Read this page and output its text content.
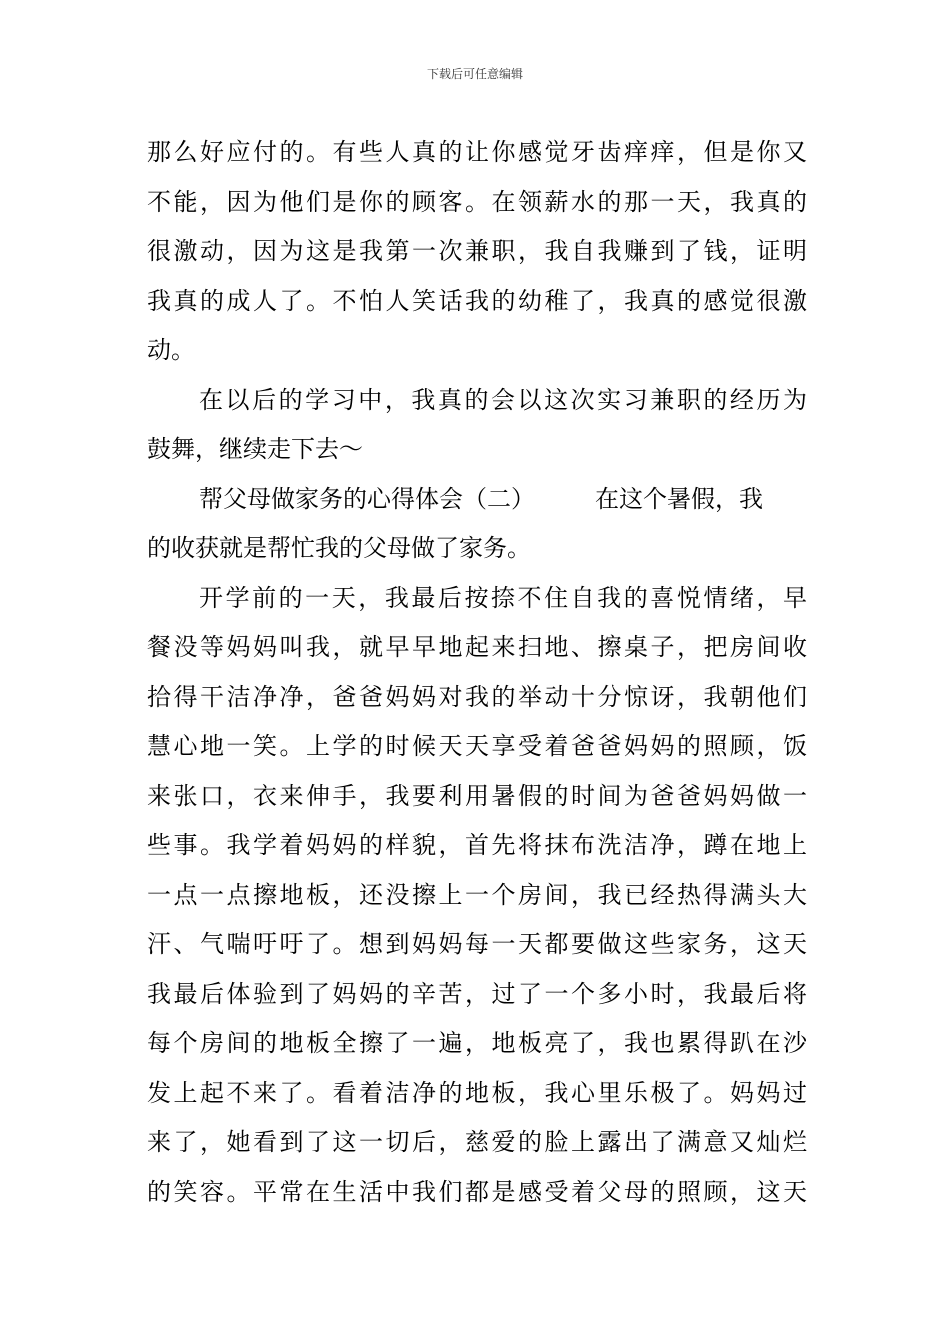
下载后可任意编辑
那么好应付的。有些人真的让你感觉牙齿痒痒，但是你又
不能，因为他们是你的顾客。在领薪水的那一天，我真的
很激动，因为这是我第一次兼职，我自我赚到了钱，证明
我真的成人了。不怕人笑话我的幼稚了，我真的感觉很激
动。
在以后的学习中，我真的会以这次实习兼职的经历为
鼓舞，继续走下去～
帮父母做家务的心得体会（二）	在这个暑假，我
的收获就是帮忙我的父母做了家务。
开学前的一天，我最后按捺不住自我的喜悦情绪，早
餐没等妈妈叫我，就早早地起来扫地、擦桌子，把房间收
拾得干洁净净，爸爸妈妈对我的举动十分惊讶，我朝他们
慧心地一笑。上学的时候天天享受着爸爸妈妈的照顾，饭
来张口，衣来伸手，我要利用暑假的时间为爸爸妈妈做一
些事。我学着妈妈的样貌，首先将抹布洗洁净，蹲在地上
一点一点擦地板，还没擦上一个房间，我已经热得满头大
汗、气喘吁吁了。想到妈妈每一天都要做这些家务，这天
我最后体验到了妈妈的辛苦，过了一个多小时，我最后将
每个房间的地板全擦了一遍，地板亮了，我也累得趴在沙
发上起不来了。看着洁净的地板，我心里乐极了。妈妈过
来了，她看到了这一切后，慈爱的脸上露出了满意又灿烂
的笑容。平常在生活中我们都是感受着父母的照顾，这天
